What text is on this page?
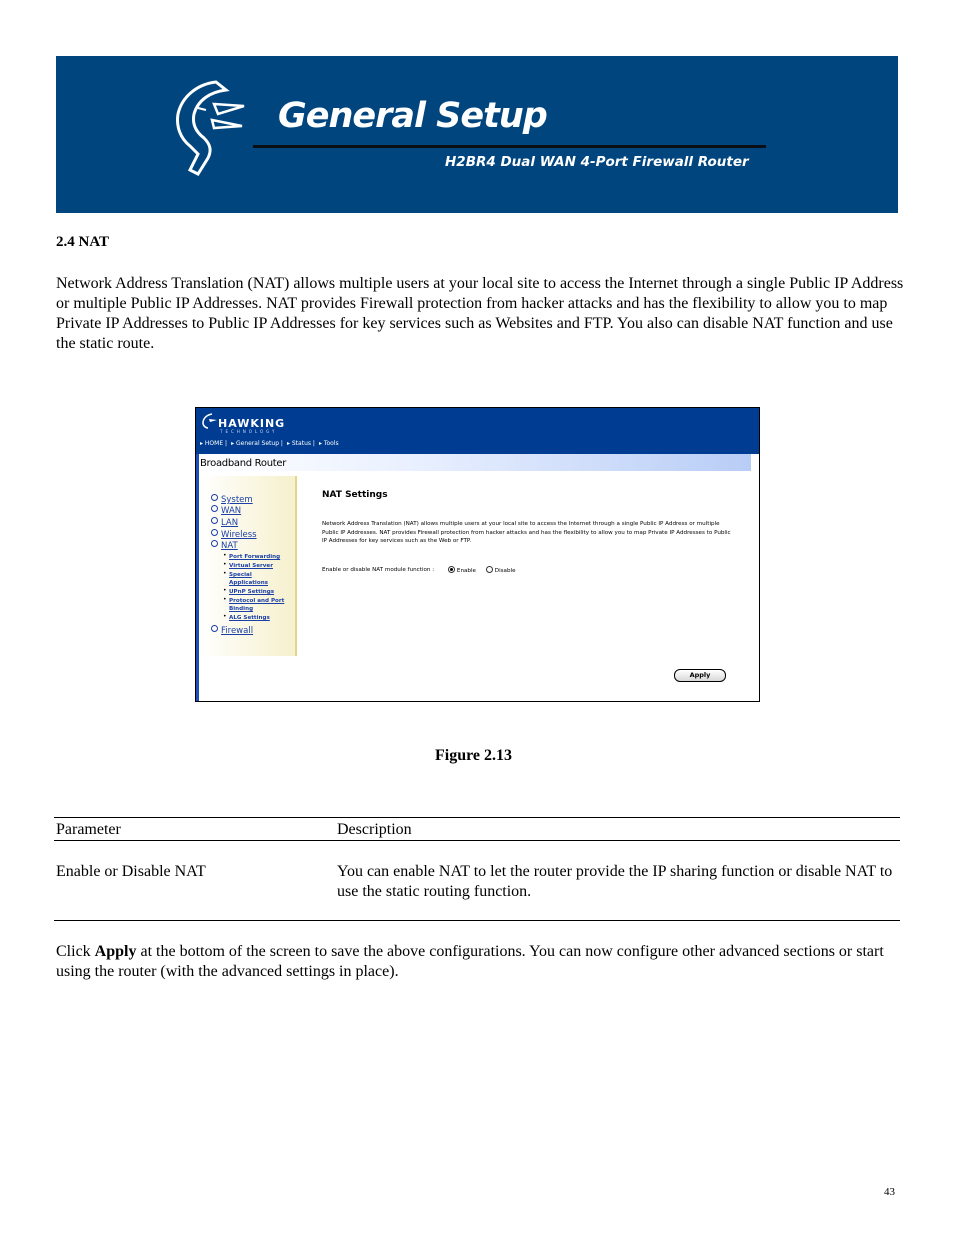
General Setup
H2BR4 Dual WAN 4-Port Firewall Router
2.4 NAT
Network Address Translation (NAT) allows multiple users at your local site to access the Internet through a single Public IP Address or multiple Public IP Addresses. NAT provides Firewall protection from hacker attacks and has the flexibility to allow you to map Private IP Addresses to Public IP Addresses for key services such as Websites and FTP. You also can disable NAT function and use the static route.
HAWKING
TECHNOLOGY
▸ HOME | ▸ General Setup | ▸ Status | ▸ Tools
Broadband Router
System
WAN
LAN
Wireless
NAT
• Port Forwarding
• Virtual Server
• Special
Applications
• UPnP Settings
• Protocol and Port
Binding
• ALG Settings
Firewall
NAT Settings
Network Address Translation (NAT) allows multiple users at your local site to access the Internet through a single Public IP Address or multiple Public IP Addresses. NAT provides Firewall protection from hacker attacks and has the flexibility to allow you to map Private IP Addresses to Public IP Addresses for key services such as the Web or FTP.
Enable or disable NAT module function :	Enable	Disable
Apply
Figure 2.13
Parameter	Description
Enable or Disable NAT	You can enable NAT to let the router provide the IP sharing function or disable NAT to use the static routing function.
Click Apply at the bottom of the screen to save the above configurations. You can now configure other advanced sections or start using the router (with the advanced settings in place).
43
